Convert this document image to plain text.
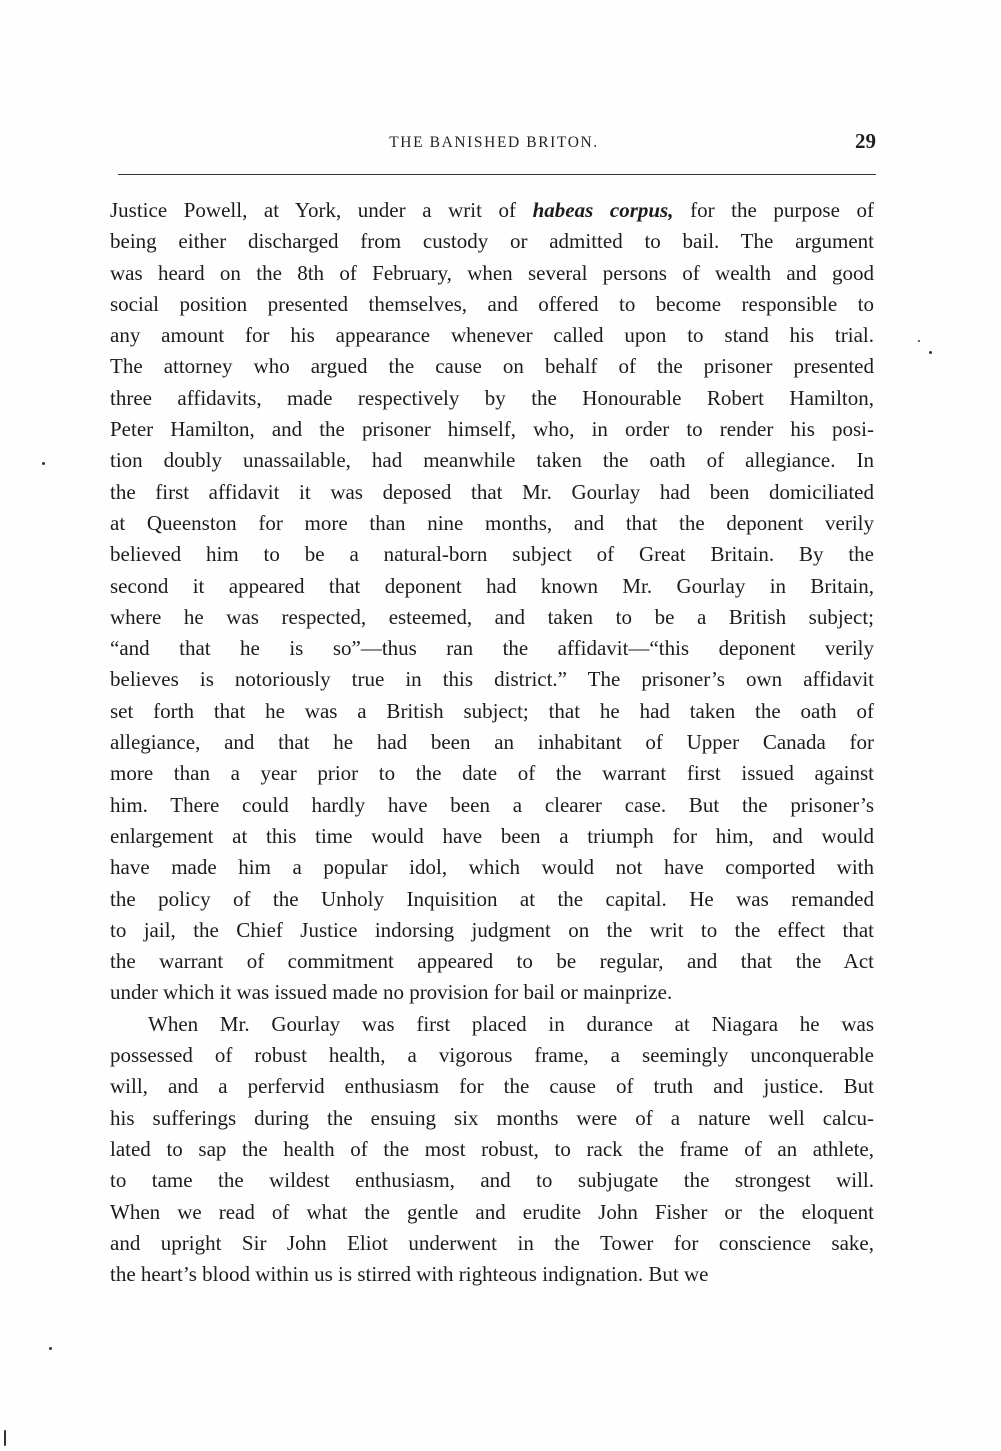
THE BANISHED BRITON.	29
Justice Powell, at York, under a writ of habeas corpus, for the purpose of
being either discharged from custody or admitted to bail. The argument
was heard on the 8th of February, when several persons of wealth and good
social position presented themselves, and offered to become responsible to
any amount for his appearance whenever called upon to stand his trial.
The attorney who argued the cause on behalf of the prisoner presented
three affidavits, made respectively by the Honourable Robert Hamilton,
Peter Hamilton, and the prisoner himself, who, in order to render his posi-
tion doubly unassailable, had meanwhile taken the oath of allegiance. In
the first affidavit it was deposed that Mr. Gourlay had been domiciliated
at Queenston for more than nine months, and that the deponent verily
believed him to be a natural-born subject of Great Britain. By the
second it appeared that deponent had known Mr. Gourlay in Britain,
where he was respected, esteemed, and taken to be a British subject;
“and that he is so”—thus ran the affidavit—“this deponent verily
believes is notoriously true in this district.” The prisoner’s own affidavit
set forth that he was a British subject; that he had taken the oath of
allegiance, and that he had been an inhabitant of Upper Canada for
more than a year prior to the date of the warrant first issued against
him. There could hardly have been a clearer case. But the prisoner’s
enlargement at this time would have been a triumph for him, and would
have made him a popular idol, which would not have comported with
the policy of the Unholy Inquisition at the capital. He was remanded
to jail, the Chief Justice indorsing judgment on the writ to the effect that
the warrant of commitment appeared to be regular, and that the Act
under which it was issued made no provision for bail or mainprize.
When Mr. Gourlay was first placed in durance at Niagara he was
possessed of robust health, a vigorous frame, a seemingly unconquerable
will, and a perfervid enthusiasm for the cause of truth and justice. But
his sufferings during the ensuing six months were of a nature well calcu-
lated to sap the health of the most robust, to rack the frame of an athlete,
to tame the wildest enthusiasm, and to subjugate the strongest will.
When we read of what the gentle and erudite John Fisher or the eloquent
and upright Sir John Eliot underwent in the Tower for conscience sake,
the heart’s blood within us is stirred with righteous indignation. But we
